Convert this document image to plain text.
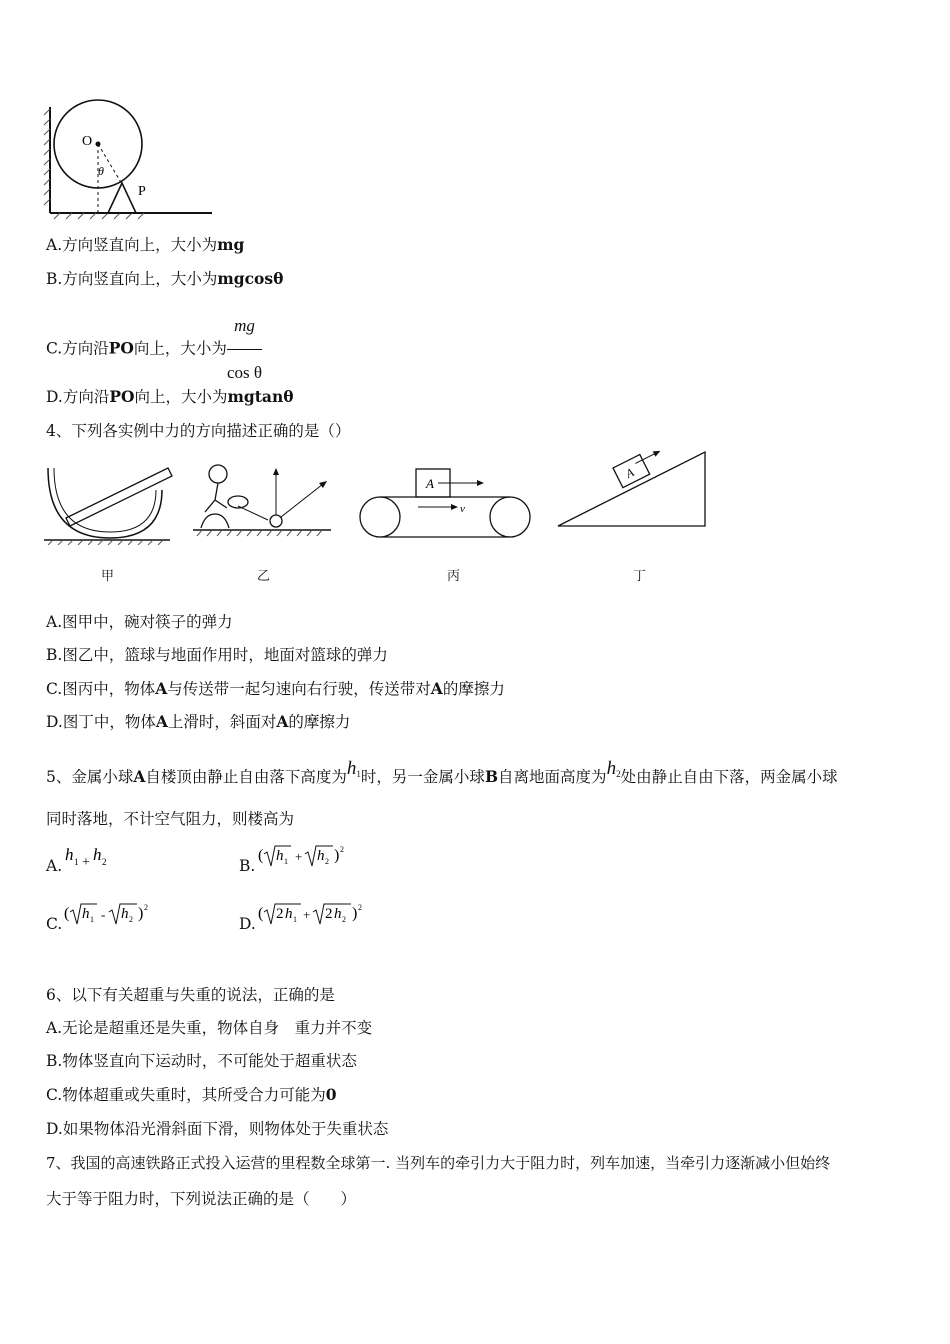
O
θ
P
A.方向竖直向上，大小为mg
B.方向竖直向上，大小为mgcosθ
C.方向沿PO向上，大小为 $\frac{mg}{\text{cos θ}}$
D.方向沿PO向上，大小为mgtanθ
4、下列各实例中力的方向描述正确的是（）
A
v
A
甲	乙	丙	丁
A.图甲中，碗对筷子的弹力
B.图乙中，篮球与地面作用时，地面对篮球的弹力
C.图丙中，物体A与传送带一起匀速向右行驶，传送带对A的摩擦力
D.图丁中，物体A上滑时，斜面对A的摩擦力
5、金属小球A自楼顶由静止自由落下高度为$h_1$时，另一金属小球B自离地面高度为$h_2$处由静止自由下落，两金属小球
同时落地，不计空气阻力，则楼高为
A.
h 1 + h 2	B.
( h 1 + h 2 ) 2
C.
( h 1 - h 2 ) 2
D.
( 2 h 1 + 2 h 2 ) 2
6、以下有关超重与失重的说法，正确的是
A.无论是超重还是失重，物体自身　重力并不变
B.物体竖直向下运动时，不可能处于超重状态
C.物体超重或失重时，其所受合力可能为0
D.如果物体沿光滑斜面下滑，则物体处于失重状态
7、我国的高速铁路正式投入运营的里程数全球第一. 当列车的牵引力大于阻力时，列车加速，当牵引力逐渐减小但始终
大于等于阻力时，下列说法正确的是（　　）
